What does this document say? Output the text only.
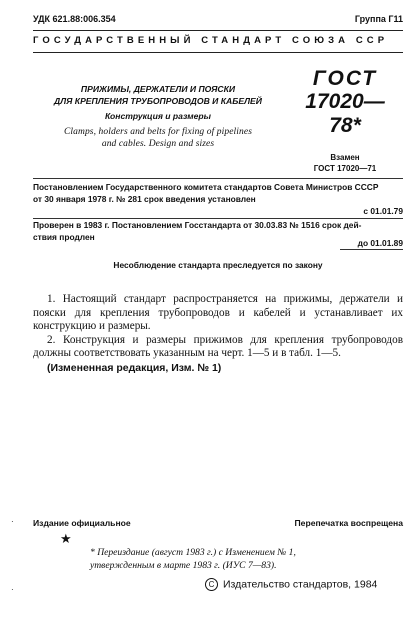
УДК 621.88:006.354	Группа Г11
ГОСУДАРСТВЕННЫЙ СТАНДАРТ СОЮЗА ССР
ПРИЖИМЫ, ДЕРЖАТЕЛИ И ПОЯСКИ
ДЛЯ КРЕПЛЕНИЯ ТРУБОПРОВОДОВ И КАБЕЛЕЙ
Конструкция и размеры
Clamps, holders and belts for fixing of pipelines
and cables. Design and sizes
ГОСТ
17020—78*
Взамен
ГОСТ 17020—71
Постановлением Государственного комитета стандартов Совета Министров СССР
от 30 января 1978 г. № 281 срок введения установлен
с 01.01.79
Проверен в 1983 г. Постановлением Госстандарта от 30.03.83 № 1516 срок дей-
ствия продлен
до 01.01.89
Несоблюдение стандарта преследуется по закону

1. Настоящий стандарт распространяется на прижимы, держатели и пояски для крепления трубопроводов и кабелей и устанавливает их конструкцию и размеры.

2. Конструкция и размеры прижимов для крепления трубопроводов должны соответствовать указанным на черт. 1—5 и в табл. 1—5.

(Измененная редакция, Изм. № 1)
· Издание официальное	Перепечатка воспрещена
★
* Переиздание (август 1983 г.) с Изменением № 1,
утвержденным в марте 1983 г. (ИУС 7—83).
C Издательство стандартов, 1984
·
